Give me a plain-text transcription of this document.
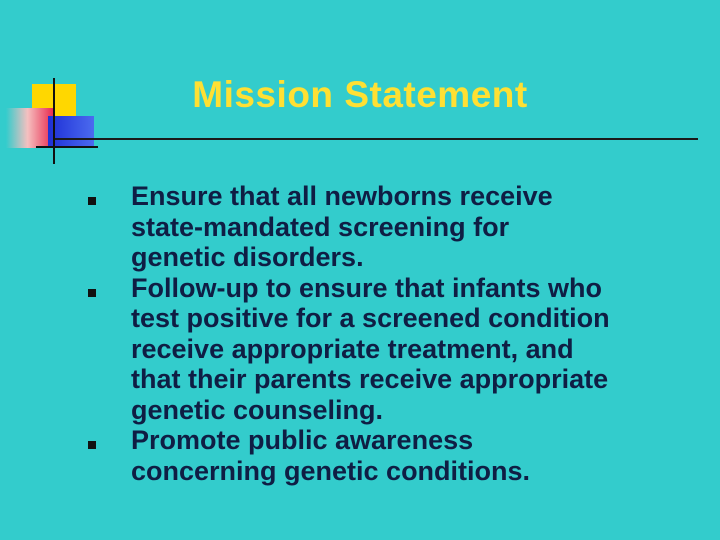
Mission Statement
Ensure that all newborns receive
state-mandated screening for
genetic disorders.
Follow-up to ensure that infants who
test positive for a screened condition
receive appropriate treatment, and
that their parents receive appropriate
genetic counseling.
Promote public awareness
concerning genetic conditions.
